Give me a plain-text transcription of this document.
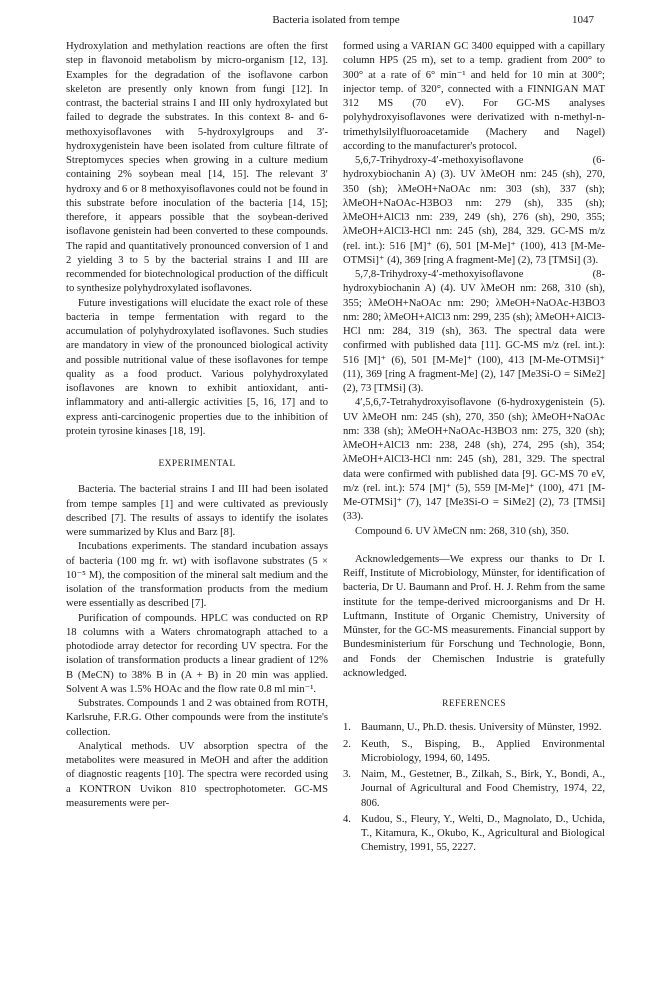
Bacteria isolated from tempe	1047

Hydroxylation and methylation reactions are often the first step in flavonoid metabolism by micro-organism [12, 13]. Examples for the degradation of the isoflavone carbon skeleton are presently only known from fungi [12]. In contrast, the bacterial strains I and III only hydroxylated but failed to degrade the substrates. In this context 8- and 6-methoxyisoflavones with 5-hydroxylgroups and 3′-hydroxygenistein have been isolated from culture filtrate of Streptomyces species when growing in a culture medium containing 2% soybean meal [14, 15]. The relevant 3′ hydroxy and 6 or 8 methoxyisoflavones could not be found in this substrate before inoculation of the bacteria [14, 15]; therefore, it appears possible that the soybean-derived isoflavone genistein had been converted to these compounds. The rapid and quantitatively pronounced conversion of 1 and 2 yielding 3 to 5 by the bacterial strains I and III are recommended for biotechnological production of the difficult to synthesize polyhydroxylated isoflavones.

Future investigations will elucidate the exact role of these bacteria in tempe fermentation with regard to the accumulation of polyhydroxylated isoflavones. Such studies are mandatory in view of the pronounced biological activity and possible nutritional value of these isoflavones for tempe quality as a food product. Various polyhydroxylated isoflavones are known to exhibit antioxidant, anti-inflammatory and anti-allergic activities [5, 16, 17] and to express anti-carcinogenic properties due to the inhibition of protein tyrosine kinases [18, 19].

EXPERIMENTAL

Bacteria. The bacterial strains I and III had been isolated from tempe samples [1] and were cultivated as previously described [7]. The results of assays to identify the isolates were summarized by Klus and Barz [8].

Incubations experiments. The standard incubation assays of bacteria (100 mg fr. wt) with isoflavone substrates (5 × 10⁻⁵ M), the composition of the mineral salt medium and the isolation of the transformation products from the medium were essentially as described [7].

Purification of compounds. HPLC was conducted on RP 18 columns with a Waters chromatograph attached to a photodiode array detector for recording UV spectra. For the isolation of transformation products a linear gradient of 12% B (MeCN) to 38% B in (A + B) in 20 min was applied. Solvent A was 1.5% HOAc and the flow rate 0.8 ml min⁻¹.

Substrates. Compounds 1 and 2 was obtained from ROTH, Karlsruhe, F.R.G. Other compounds were from the institute's collection.

Analytical methods. UV absorption spectra of the metabolites were measured in MeOH and after the addition of diagnostic reagents [10]. The spectra were recorded using a KONTRON Uvikon 810 spectrophotometer. GC-MS measurements were per-

formed using a VARIAN GC 3400 equipped with a capillary column HP5 (25 m), set to a temp. gradient from 200° to 300° at a rate of 6° min⁻¹ and held for 10 min at 300°; injector temp. of 320°, connected with a FINNIGAN MAT 312 MS (70 eV). For GC-MS analyses polyhydroxyisoflavones were derivatized with n-methyl-n-trimethylsilylfluoroacetamide (Machery and Nagel) according to the manufacturer's protocol.

5,6,7-Trihydroxy-4′-methoxyisoflavone (6-hydroxybiochanin A) (3). UV λMeOH nm: 245 (sh), 270, 350 (sh); λMeOH+NaOAc nm: 303 (sh), 337 (sh); λMeOH+NaOAc-H3BO3 nm: 279 (sh), 335 (sh); λMeOH+AlCl3 nm: 239, 249 (sh), 276 (sh), 290, 355; λMeOH+AlCl3-HCl nm: 245 (sh), 284, 329. GC-MS m/z (rel. int.): 516 [M]⁺ (6), 501 [M-Me]⁺ (100), 413 [M-Me-OTMSi]⁺ (4), 369 [ring A fragment-Me] (2), 73 [TMSi] (3).

5,7,8-Trihydroxy-4′-methoxyisoflavone (8-hydroxybiochanin A) (4). UV λMeOH nm: 268, 310 (sh), 355; λMeOH+NaOAc nm: 290; λMeOH+NaOAc-H3BO3 nm: 280; λMeOH+AlCl3 nm: 299, 235 (sh); λMeOH+AlCl3-HCl nm: 284, 319 (sh), 363. The spectral data were confirmed with published data [11]. GC-MS m/z (rel. int.): 516 [M]⁺ (6), 501 [M-Me]⁺ (100), 413 [M-Me-OTMSi]⁺ (11), 369 [ring A fragment-Me] (2), 147 [Me3Si-O = SiMe2] (2), 73 [TMSi] (3).

4′,5,6,7-Tetrahydroxyisoflavone (6-hydroxygenistein (5). UV λMeOH nm: 245 (sh), 270, 350 (sh); λMeOH+NaOAc nm: 338 (sh); λMeOH+NaOAc-H3BO3 nm: 275, 320 (sh); λMeOH+AlCl3 nm: 238, 248 (sh), 274, 295 (sh), 354; λMeOH+AlCl3-HCl nm: 245 (sh), 281, 329. The spectral data were confirmed with published data [9]. GC-MS 70 eV, m/z (rel. int.): 574 [M]⁺ (5), 559 [M-Me]⁺ (100), 471 [M-Me-OTMSi]⁺ (7), 147 [Me3Si-O = SiMe2] (2), 73 [TMSi] (33).

Compound 6. UV λMeCN nm: 268, 310 (sh), 350.

Acknowledgements—We express our thanks to Dr I. Reiff, Institute of Microbiology, Münster, for identification of bacteria, Dr U. Baumann and Prof. H. J. Rehm from the same institute for the tempe-derived microorganisms and Dr H. Luftmann, Institute of Organic Chemistry, University of Münster, for the GC-MS measurements. Financial support by Bundesministerium für Forschung und Technologie, Bonn, and Fonds der Chemischen Industrie is gratefully acknowledged.

REFERENCES
1. Baumann, U., Ph.D. thesis. University of Münster, 1992.
2. Keuth, S., Bisping, B., Applied Environmental Microbiology, 1994, 60, 1495.
3. Naim, M., Gestetner, B., Zilkah, S., Birk, Y., Bondi, A., Journal of Agricultural and Food Chemistry, 1974, 22, 806.
4. Kudou, S., Fleury, Y., Welti, D., Magnolato, D., Uchida, T., Kitamura, K., Okubo, K., Agricultural and Biological Chemistry, 1991, 55, 2227.
